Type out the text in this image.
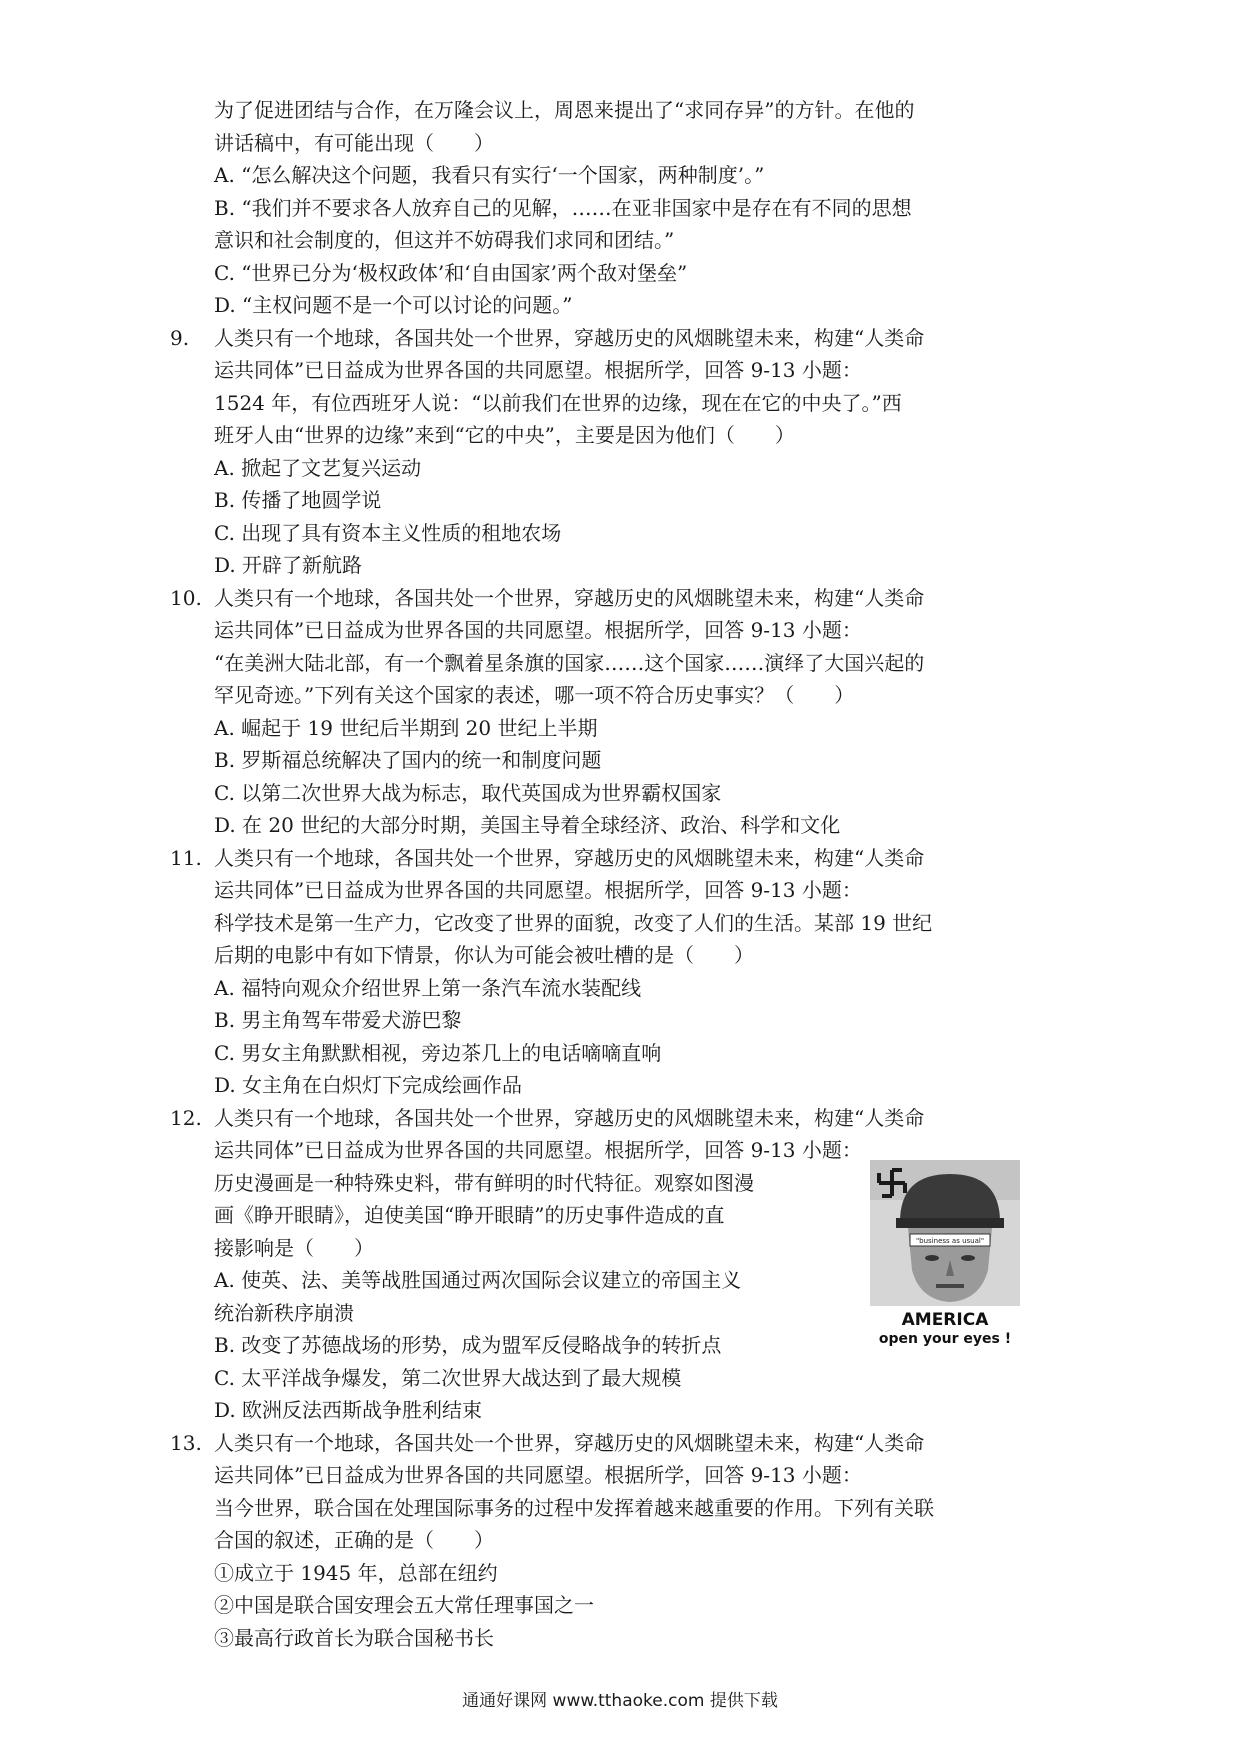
为了促进团结与合作，在万隆会议上，周恩来提出了“求同存异”的方针。在他的
讲话稿中，有可能出现（　　）
A. “怎么解决这个问题，我看只有实行‘一个国家，两种制度’。”
B. “我们并不要求各人放弃自己的见解，……在亚非国家中是存在有不同的思想
意识和社会制度的，但这并不妨碍我们求同和团结。”
C. “世界已分为‘极权政体’和‘自由国家’两个敌对堡垒”
D. “主权问题不是一个可以讨论的问题。”
9.	人类只有一个地球，各国共处一个世界，穿越历史的风烟眺望未来，构建“人类命
运共同体”已日益成为世界各国的共同愿望。根据所学，回答 9-13 小题：
1524 年，有位西班牙人说：“以前我们在世界的边缘，现在在它的中央了。”西
班牙人由“世界的边缘”来到“它的中央”，主要是因为他们（　　）
A. 掀起了文艺复兴运动
B. 传播了地圆学说
C. 出现了具有资本主义性质的租地农场
D. 开辟了新航路
10. 人类只有一个地球，各国共处一个世界，穿越历史的风烟眺望未来，构建“人类命
运共同体”已日益成为世界各国的共同愿望。根据所学，回答 9-13 小题：
“在美洲大陆北部，有一个飘着星条旗的国家……这个国家……演绎了大国兴起的
罕见奇迹。”下列有关这个国家的表述，哪一项不符合历史事实？（　　）
A. 崛起于 19 世纪后半期到 20 世纪上半期
B. 罗斯福总统解决了国内的统一和制度问题
C. 以第二次世界大战为标志，取代英国成为世界霸权国家
D. 在 20 世纪的大部分时期，美国主导着全球经济、政治、科学和文化
11. 人类只有一个地球，各国共处一个世界，穿越历史的风烟眺望未来，构建“人类命
运共同体”已日益成为世界各国的共同愿望。根据所学，回答 9-13 小题：
科学技术是第一生产力，它改变了世界的面貌，改变了人们的生活。某部 19 世纪
后期的电影中有如下情景，你认为可能会被吐槽的是（　　）
A. 福特向观众介绍世界上第一条汽车流水装配线
B. 男主角驾车带爱犬游巴黎
C. 男女主角默默相视，旁边茶几上的电话嘀嘀直响
D. 女主角在白炽灯下完成绘画作品
12. 人类只有一个地球，各国共处一个世界，穿越历史的风烟眺望未来，构建“人类命
运共同体”已日益成为世界各国的共同愿望。根据所学，回答 9-13 小题：
历史漫画是一种特殊史料，带有鲜明的时代特征。观察如图漫
画《睁开眼睛》，迫使美国“睁开眼睛”的历史事件造成的直
接影响是（　　）
A. 使英、法、美等战胜国通过两次国际会议建立的帝国主义
统治新秩序崩溃
B. 改变了苏德战场的形势，成为盟军反侵略战争的转折点
C. 太平洋战争爆发，第二次世界大战达到了最大规模
D. 欧洲反法西斯战争胜利结束
13. 人类只有一个地球，各国共处一个世界，穿越历史的风烟眺望未来，构建“人类命
运共同体”已日益成为世界各国的共同愿望。根据所学，回答 9-13 小题：
当今世界，联合国在处理国际事务的过程中发挥着越来越重要的作用。下列有关联
合国的叙述，正确的是（　　）
①成立于 1945 年，总部在纽约
②中国是联合国安理会五大常任理事国之一
③最高行政首长为联合国秘书长
"business as usual"
AMERICA
open your eyes !
通通好课网 www.tthaoke.com 提供下载
